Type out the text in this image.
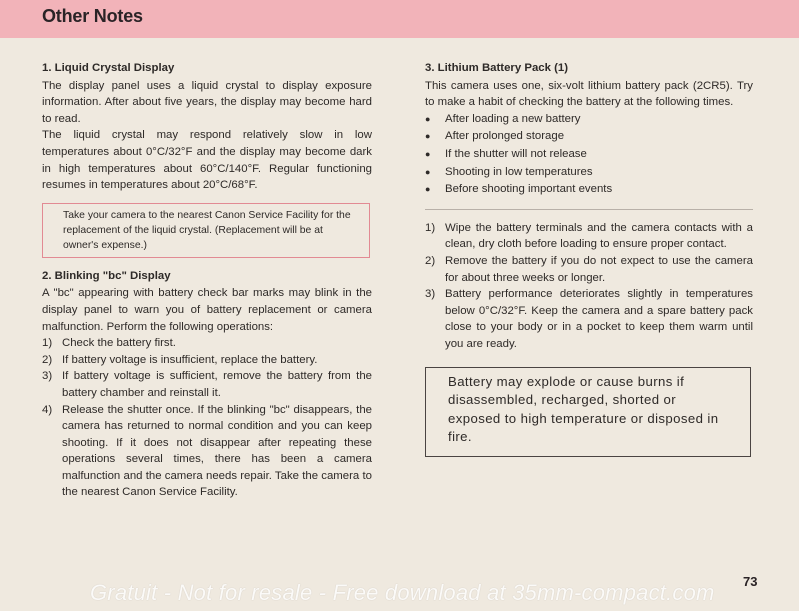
Other Notes
1. Liquid Crystal Display

The display panel uses a liquid crystal to display exposure information. After about five years, the display may become hard to read.

The liquid crystal may respond relatively slow in low temperatures about 0°C/32°F and the display may become dark in high temperatures about 60°C/140°F. Regular functioning resumes in temperatures about 20°C/68°F.

Take your camera to the nearest Canon Service Facility for the replacement of the liquid crystal. (Replacement will be at owner's expense.)
2. Blinking "bc" Display

A "bc" appearing with battery check bar marks may blink in the display panel to warn you of battery replacement or camera malfunction. Perform the following operations:

1) Check the battery first.
2) If battery voltage is insufficient, replace the battery.
3) If battery voltage is sufficient, remove the battery from the battery chamber and reinstall it.
4) Release the shutter once. If the blinking "bc" disappears, the camera has returned to normal condition and you can keep shooting. If it does not disappear after repeating these operations several times, there has been a camera malfunction and the camera needs repair. Take the camera to the nearest Canon Service Facility.
3. Lithium Battery Pack (1)

This camera uses one, six-volt lithium battery pack (2CR5). Try to make a habit of checking the battery at the following times.

●	After loading a new battery
●	After prolonged storage
●	If the shutter will not release
●	Shooting in low temperatures
●	Before shooting important events
1) Wipe the battery terminals and the camera contacts with a clean, dry cloth before loading to ensure proper contact.
2) Remove the battery if you do not expect to use the camera for about three weeks or longer.
3) Battery performance deteriorates slightly in temperatures below 0°C/32°F. Keep the camera and a spare battery pack close to your body or in a pocket to keep them warm until you are ready.
Battery may explode or cause burns if disassembled, recharged, shorted or exposed to high temperature or disposed in fire.
Gratuit - Not for resale - Free download at 35mm-compact.com 73
